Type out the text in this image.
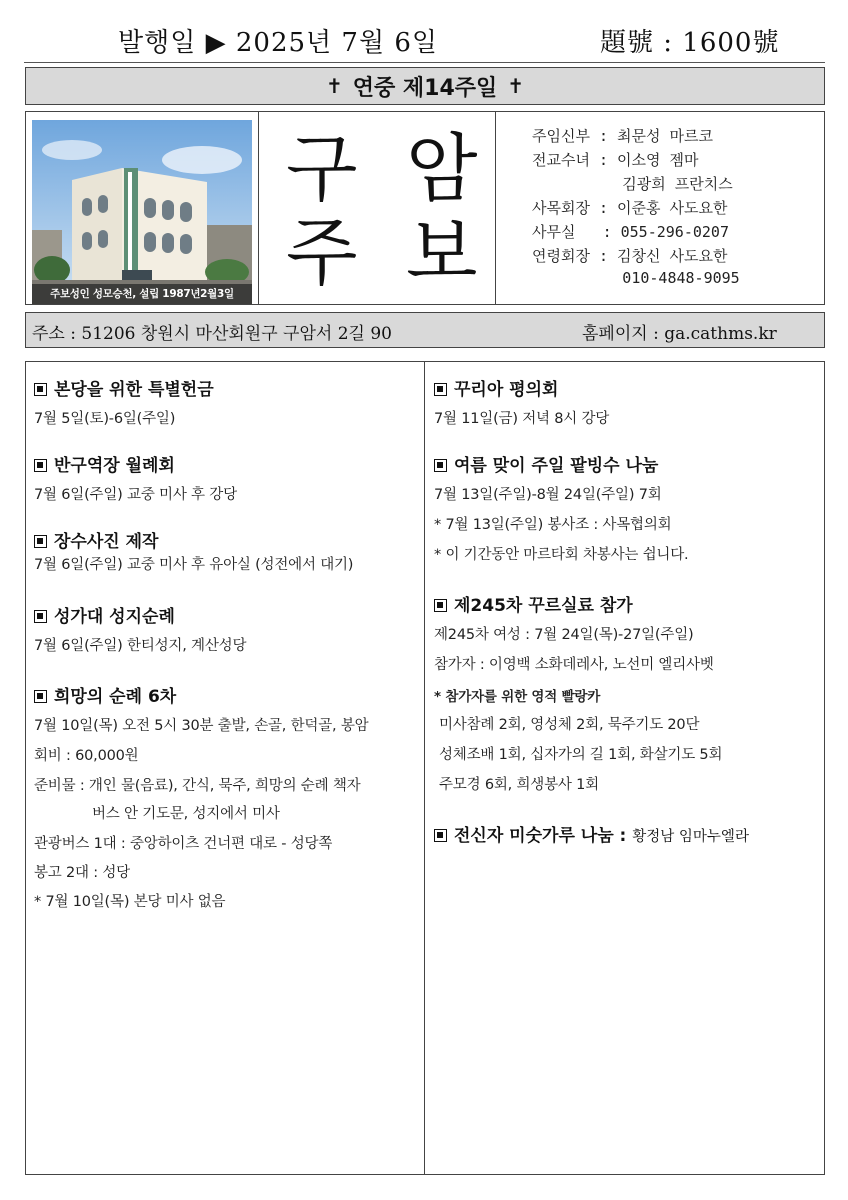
발행일 ▶ 2025년 7월 6일	題號 : 1600號
✝ 연중 제14주일 ✝
주보성인 성모승천, 설립 1987년2월3일
구 암
주 보
주임신부 : 최문성 마르코
전교수녀 : 이소영 젬마
김광희 프란치스
사목회장 : 이준홍 사도요한
사무실   : 055-296-0207
연령회장 : 김창신 사도요한
010-4848-9095
주소 : 51206 창원시 마산회원구 구암서 2길 90	홈페이지 : ga.cathms.kr
본당을 위한 특별헌금
7월 5일(토)-6일(주일)
반구역장 월례회
7월 6일(주일) 교중 미사 후 강당
장수사진 제작
7월 6일(주일) 교중 미사 후 유아실 (성전에서 대기)
성가대 성지순례
7월 6일(주일) 한티성지, 계산성당
희망의 순례 6차
7월 10일(목) 오전 5시 30분 출발, 손골, 한덕골, 봉암
회비 : 60,000원
준비물 : 개인 물(음료), 간식, 묵주, 희망의 순례 책자
버스 안 기도문, 성지에서 미사
관광버스 1대 : 중앙하이츠 건너편 대로 - 성당쪽
봉고 2대 : 성당
* 7월 10일(목) 본당 미사 없음
꾸리아 평의회
7월 11일(금) 저녁 8시 강당
여름 맞이 주일 팥빙수 나눔
7월 13일(주일)-8월 24일(주일) 7회
* 7월 13일(주일) 봉사조 : 사목협의회
* 이 기간동안 마르타회 차봉사는 쉽니다.
제245차 꾸르실료 참가
제245차 여성 : 7월 24일(목)-27일(주일)
참가자 : 이영백 소화데레사, 노선미 엘리사벳
* 참가자를 위한 영적 빨랑카
미사참례 2회, 영성체 2회, 묵주기도 20단
성체조배 1회, 십자가의 길 1회, 화살기도 5회
주모경 6회, 희생봉사 1회
전신자 미숫가루 나눔 : 황정남 임마누엘라
